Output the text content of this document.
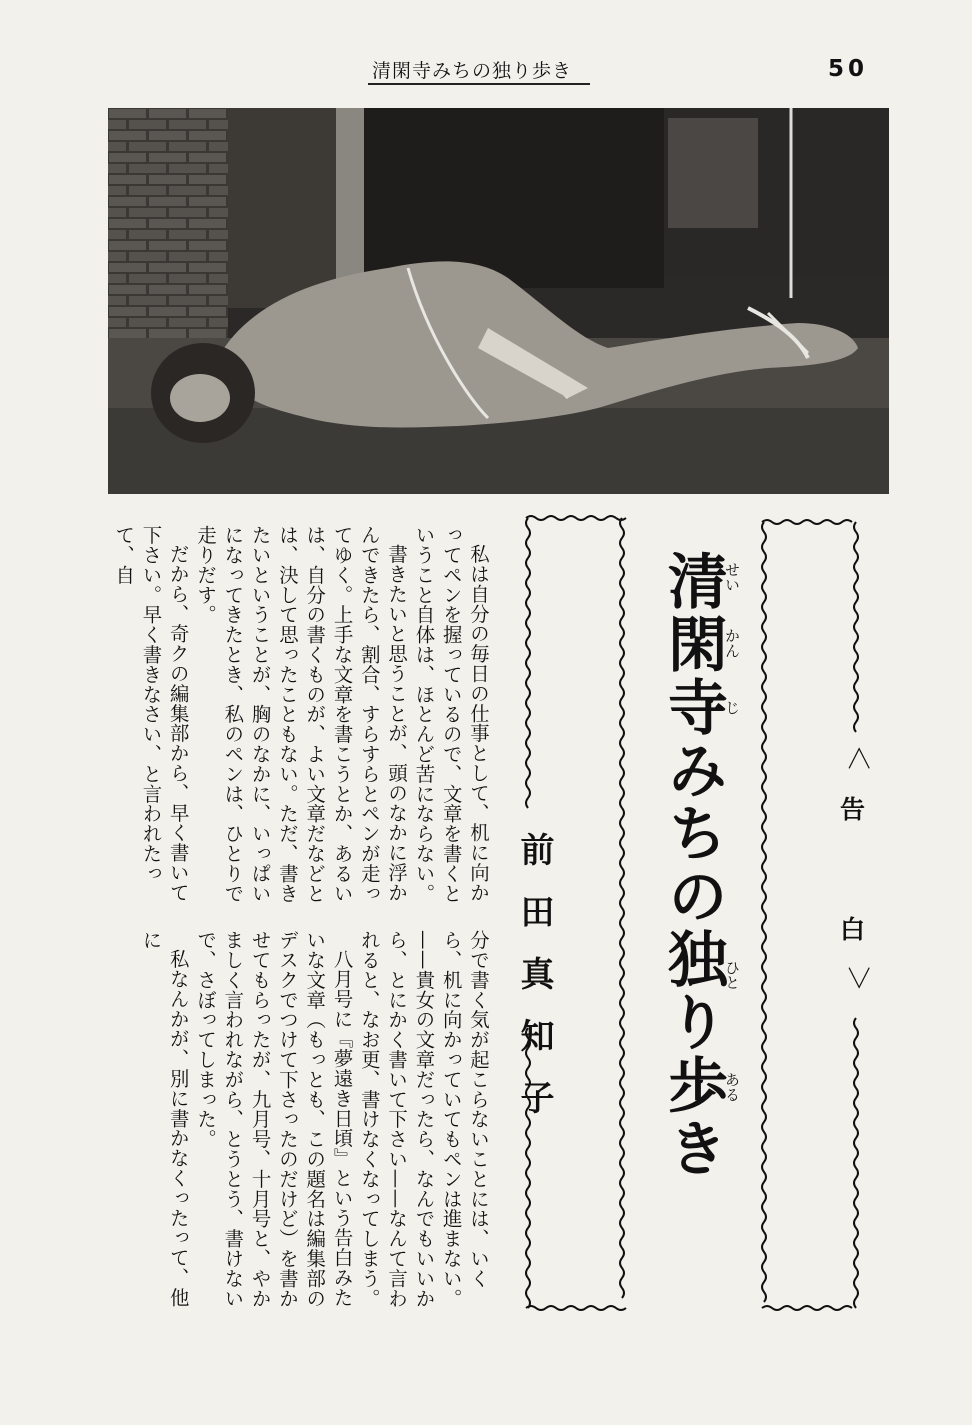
清閑寺みちの独り歩き	50
＜
告
白
＞
清閑寺みちの独り歩き
せい
かん
じ
ひと
ある
前田真知子

私は自分の毎日の仕事として、机に向かってペンを握っているので、文章を書くということ自体は、ほとんど苦にならない。

書きたいと思うことが、頭のなかに浮かんできたら、割合、すらすらとペンが走ってゆく。上手な文章を書こうとか、あるいは、自分の書くものが、よい文章だなどとは、決して思ったこともない。ただ、書きたいということが、胸のなかに、いっぱいになってきたとき、私のペンは、ひとりで走りだす。

だから、奇クの編集部から、早く書いて下さい。早く書きなさい、と言われたって、自

分で書く気が起こらないことには、いくら、机に向かっていてもペンは進まない。——貴女の文章だったら、なんでもいいから、とにかく書いて下さい——なんて言われると、なお更、書けなくなってしまう。

八月号に『夢遠き日頃』という告白みたいな文章（もっとも、この題名は編集部のデスクでつけて下さったのだけど）を書かせてもらったが、九月号、十月号と、やかましく言われながら、とうとう、書けないで、さぼってしまった。

私なんかが、別に書かなくったって、他に
